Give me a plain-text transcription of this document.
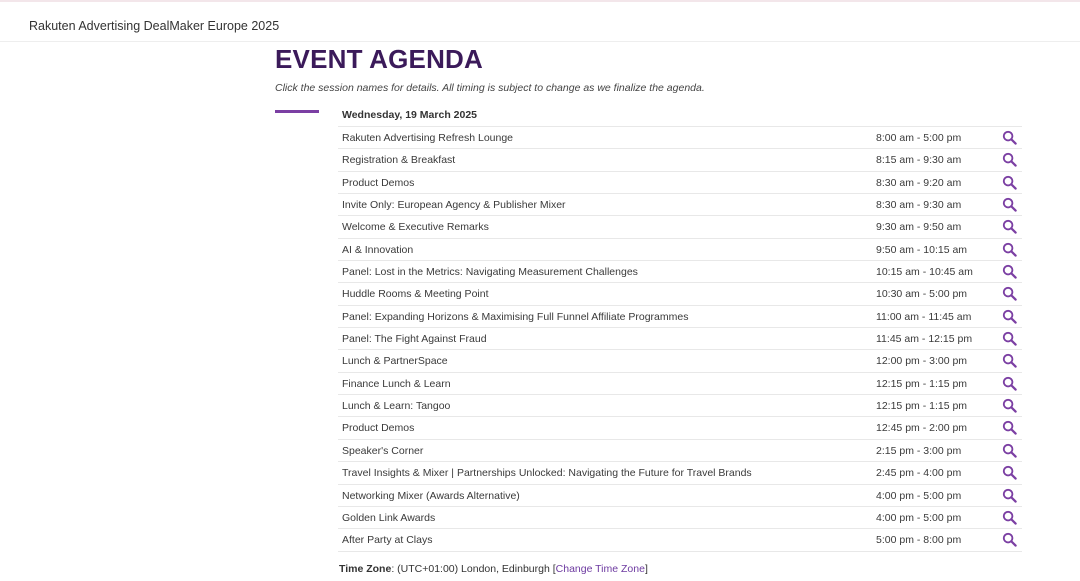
Rakuten Advertising DealMaker Europe 2025
EVENT AGENDA
Click the session names for details. All timing is subject to change as we finalize the agenda.
Wednesday, 19 March 2025
Rakuten Advertising Refresh Lounge	8:00 am - 5:00 pm
Registration & Breakfast	8:15 am - 9:30 am
Product Demos	8:30 am - 9:20 am
Invite Only: European Agency & Publisher Mixer	8:30 am - 9:30 am
Welcome & Executive Remarks	9:30 am - 9:50 am
AI & Innovation	9:50 am - 10:15 am
Panel: Lost in the Metrics: Navigating Measurement Challenges	10:15 am - 10:45 am
Huddle Rooms & Meeting Point	10:30 am - 5:00 pm
Panel: Expanding Horizons & Maximising Full Funnel Affiliate Programmes	11:00 am - 11:45 am
Panel: The Fight Against Fraud	11:45 am - 12:15 pm
Lunch & PartnerSpace	12:00 pm - 3:00 pm
Finance Lunch & Learn	12:15 pm - 1:15 pm
Lunch & Learn: Tangoo	12:15 pm - 1:15 pm
Product Demos	12:45 pm - 2:00 pm
Speaker's Corner	2:15 pm - 3:00 pm
Travel Insights & Mixer | Partnerships Unlocked: Navigating the Future for Travel Brands	2:45 pm - 4:00 pm
Networking Mixer (Awards Alternative)	4:00 pm - 5:00 pm
Golden Link Awards	4:00 pm - 5:00 pm
After Party at Clays	5:00 pm - 8:00 pm
Time Zone: (UTC+01:00) London, Edinburgh [Change Time Zone]
